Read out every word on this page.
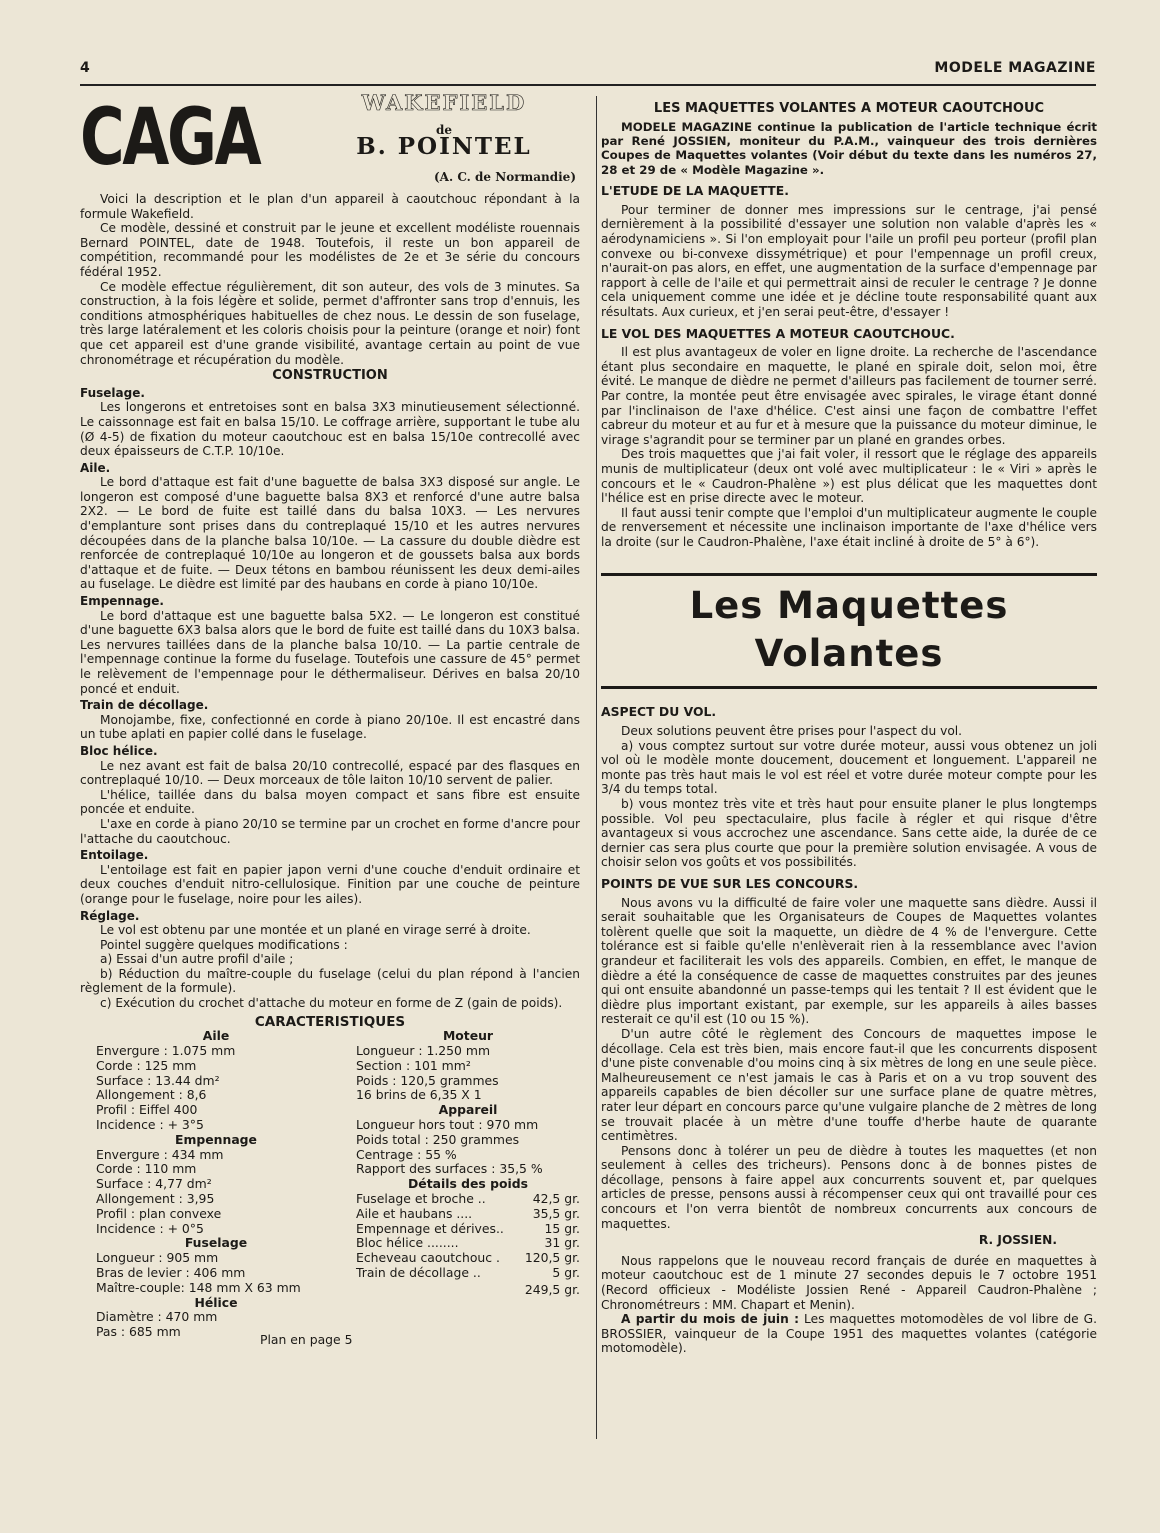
4	MODELE MAGAZINE
CAGA	WAKEFIELD
de
B. POINTEL
(A. C. de Normandie)

Voici la description et le plan d'un appareil à caoutchouc répondant à la formule Wakefield.

Ce modèle, dessiné et construit par le jeune et excellent modéliste rouennais Bernard POINTEL, date de 1948. Toutefois, il reste un bon appareil de compétition, recommandé pour les modélistes de 2e et 3e série du concours fédéral 1952.

Ce modèle effectue régulièrement, dit son auteur, des vols de 3 minutes. Sa construction, à la fois légère et solide, permet d'affronter sans trop d'ennuis, les conditions atmosphériques habituelles de chez nous. Le dessin de son fuselage, très large latéralement et les coloris choisis pour la peinture (orange et noir) font que cet appareil est d'une grande visibilité, avantage certain au point de vue chronométrage et récupération du modèle.

CONSTRUCTION
Fuselage.

Les longerons et entretoises sont en balsa 3X3 minutieusement sélectionné. Le caissonnage est fait en balsa 15/10. Le coffrage arrière, supportant le tube alu (Ø 4-5) de fixation du moteur caoutchouc est en balsa 15/10e contrecollé avec deux épaisseurs de C.T.P. 10/10e.

Aile.

Le bord d'attaque est fait d'une baguette de balsa 3X3 disposé sur angle. Le longeron est composé d'une baguette balsa 8X3 et renforcé d'une autre balsa 2X2. — Le bord de fuite est taillé dans du balsa 10X3. — Les nervures d'emplanture sont prises dans du contreplaqué 15/10 et les autres nervures découpées dans de la planche balsa 10/10e. — La cassure du double dièdre est renforcée de contreplaqué 10/10e au longeron et de goussets balsa aux bords d'attaque et de fuite. — Deux tétons en bambou réunissent les deux demi-ailes au fuselage. Le dièdre est limité par des haubans en corde à piano 10/10e.

Empennage.

Le bord d'attaque est une baguette balsa 5X2. — Le longeron est constitué d'une baguette 6X3 balsa alors que le bord de fuite est taillé dans du 10X3 balsa. Les nervures taillées dans de la planche balsa 10/10. — La partie centrale de l'empennage continue la forme du fuselage. Toutefois une cassure de 45° permet le relèvement de l'empennage pour le déthermaliseur. Dérives en balsa 20/10 poncé et enduit.

Train de décollage.

Monojambe, fixe, confectionné en corde à piano 20/10e. Il est encastré dans un tube aplati en papier collé dans le fuselage.

Bloc hélice.

Le nez avant est fait de balsa 20/10 contrecollé, espacé par des flasques en contreplaqué 10/10. — Deux morceaux de tôle laiton 10/10 servent de palier.

L'hélice, taillée dans du balsa moyen compact et sans fibre est ensuite poncée et enduite.

L'axe en corde à piano 20/10 se termine par un crochet en forme d'ancre pour l'attache du caoutchouc.

Entoilage.

L'entoilage est fait en papier japon verni d'une couche d'enduit ordinaire et deux couches d'enduit nitro-cellulosique. Finition par une couche de peinture (orange pour le fuselage, noire pour les ailes).

Réglage.

Le vol est obtenu par une montée et un plané en virage serré à droite.

Pointel suggère quelques modifications :

a) Essai d'un autre profil d'aile ;

b) Réduction du maître-couple du fuselage (celui du plan répond à l'ancien règlement de la formule).

c) Exécution du crochet d'attache du moteur en forme de Z (gain de poids).

CARACTERISTIQUES
Aile
Envergure : 1.075 mm
Corde : 125 mm
Surface : 13.44 dm²
Allongement : 8,6
Profil : Eiffel 400
Incidence : + 3°5
Empennage
Envergure : 434 mm
Corde : 110 mm
Surface : 4,77 dm²
Allongement : 3,95
Profil : plan convexe
Incidence : + 0°5
Fuselage
Longueur : 905 mm
Bras de levier : 406 mm
Maître-couple: 148 mm X 63 mm
Hélice
Diamètre : 470 mm
Pas : 685 mm
Moteur
Longueur : 1.250 mm
Section : 101 mm²
Poids : 120,5 grammes
16 brins de 6,35 X 1
Appareil
Longueur hors tout : 970 mm
Poids total : 250 grammes
Centrage : 55 %
Rapport des surfaces : 35,5 %
Détails des poids
Fuselage et broche ..	42,5 gr.
Aile et haubans ....	35,5 gr.
Empennage et dérives..	15 gr.
Bloc hélice ........	31 gr.
Echeveau caoutchouc . 120,5 gr.
Train de décollage ..	5 gr.
249,5 gr.
Plan en page 5
LES MAQUETTES VOLANTES A MOTEUR CAOUTCHOUC

MODELE MAGAZINE continue la publication de l'article technique écrit par René JOSSIEN, moniteur du P.A.M., vainqueur des trois dernières Coupes de Maquettes volantes (Voir début du texte dans les numéros 27, 28 et 29 de « Modèle Magazine ».

L'ETUDE DE LA MAQUETTE.

Pour terminer de donner mes impressions sur le centrage, j'ai pensé dernièrement à la possibilité d'essayer une solution non valable d'après les « aérodynamiciens ». Si l'on employait pour l'aile un profil peu porteur (profil plan convexe ou bi-convexe dissymétrique) et pour l'empennage un profil creux, n'aurait-on pas alors, en effet, une augmentation de la surface d'empennage par rapport à celle de l'aile et qui permettrait ainsi de reculer le centrage ? Je donne cela uniquement comme une idée et je décline toute responsabilité quant aux résultats. Aux curieux, et j'en serai peut-être, d'essayer !

LE VOL DES MAQUETTES A MOTEUR CAOUTCHOUC.

Il est plus avantageux de voler en ligne droite. La recherche de l'ascendance étant plus secondaire en maquette, le plané en spirale doit, selon moi, être évité. Le manque de dièdre ne permet d'ailleurs pas facilement de tourner serré. Par contre, la montée peut être envisagée avec spirales, le virage étant donné par l'inclinaison de l'axe d'hélice. C'est ainsi une façon de combattre l'effet cabreur du moteur et au fur et à mesure que la puissance du moteur diminue, le virage s'agrandit pour se terminer par un plané en grandes orbes.

Des trois maquettes que j'ai fait voler, il ressort que le réglage des appareils munis de multiplicateur (deux ont volé avec multiplicateur : le « Viri » après le concours et le « Caudron-Phalène ») est plus délicat que les maquettes dont l'hélice est en prise directe avec le moteur.

Il faut aussi tenir compte que l'emploi d'un multiplicateur augmente le couple de renversement et nécessite une inclinaison importante de l'axe d'hélice vers la droite (sur le Caudron-Phalène, l'axe était incliné à droite de 5° à 6°).

Les Maquettes Volantes
ASPECT DU VOL.

Deux solutions peuvent être prises pour l'aspect du vol.

a) vous comptez surtout sur votre durée moteur, aussi vous obtenez un joli vol où le modèle monte doucement, doucement et longuement. L'appareil ne monte pas très haut mais le vol est réel et votre durée moteur compte pour les 3/4 du temps total.

b) vous montez très vite et très haut pour ensuite planer le plus longtemps possible. Vol peu spectaculaire, plus facile à régler et qui risque d'être avantageux si vous accrochez une ascendance. Sans cette aide, la durée de ce dernier cas sera plus courte que pour la première solution envisagée. A vous de choisir selon vos goûts et vos possibilités.

POINTS DE VUE SUR LES CONCOURS.

Nous avons vu la difficulté de faire voler une maquette sans dièdre. Aussi il serait souhaitable que les Organisateurs de Coupes de Maquettes volantes tolèrent quelle que soit la maquette, un dièdre de 4 % de l'envergure. Cette tolérance est si faible qu'elle n'enlèverait rien à la ressemblance avec l'avion grandeur et faciliterait les vols des appareils. Combien, en effet, le manque de dièdre a été la conséquence de casse de maquettes construites par des jeunes qui ont ensuite abandonné un passe-temps qui les tentait ? Il est évident que le dièdre plus important existant, par exemple, sur les appareils à ailes basses resterait ce qu'il est (10 ou 15 %).

D'un autre côté le règlement des Concours de maquettes impose le décollage. Cela est très bien, mais encore faut-il que les concurrents disposent d'une piste convenable d'ou moins cinq à six mètres de long en une seule pièce. Malheureusement ce n'est jamais le cas à Paris et on a vu trop souvent des appareils capables de bien décoller sur une surface plane de quatre mètres, rater leur départ en concours parce qu'une vulgaire planche de 2 mètres de long se trouvait placée à un mètre d'une touffe d'herbe haute de quarante centimètres.

Pensons donc à tolérer un peu de dièdre à toutes les maquettes (et non seulement à celles des tricheurs). Pensons donc à de bonnes pistes de décollage, pensons à faire appel aux concurrents souvent et, par quelques articles de presse, pensons aussi à récompenser ceux qui ont travaillé pour ces concours et l'on verra bientôt de nombreux concurrents aux concours de maquettes.

R. JOSSIEN.

Nous rappelons que le nouveau record français de durée en maquettes à moteur caoutchouc est de 1 minute 27 secondes depuis le 7 octobre 1951 (Record officieux - Modéliste Jossien René - Appareil Caudron-Phalène ; Chronométreurs : MM. Chapart et Menin).

A partir du mois de juin : Les maquettes motomodèles de vol libre de G. BROSSIER, vainqueur de la Coupe 1951 des maquettes volantes (catégorie motomodèle).
